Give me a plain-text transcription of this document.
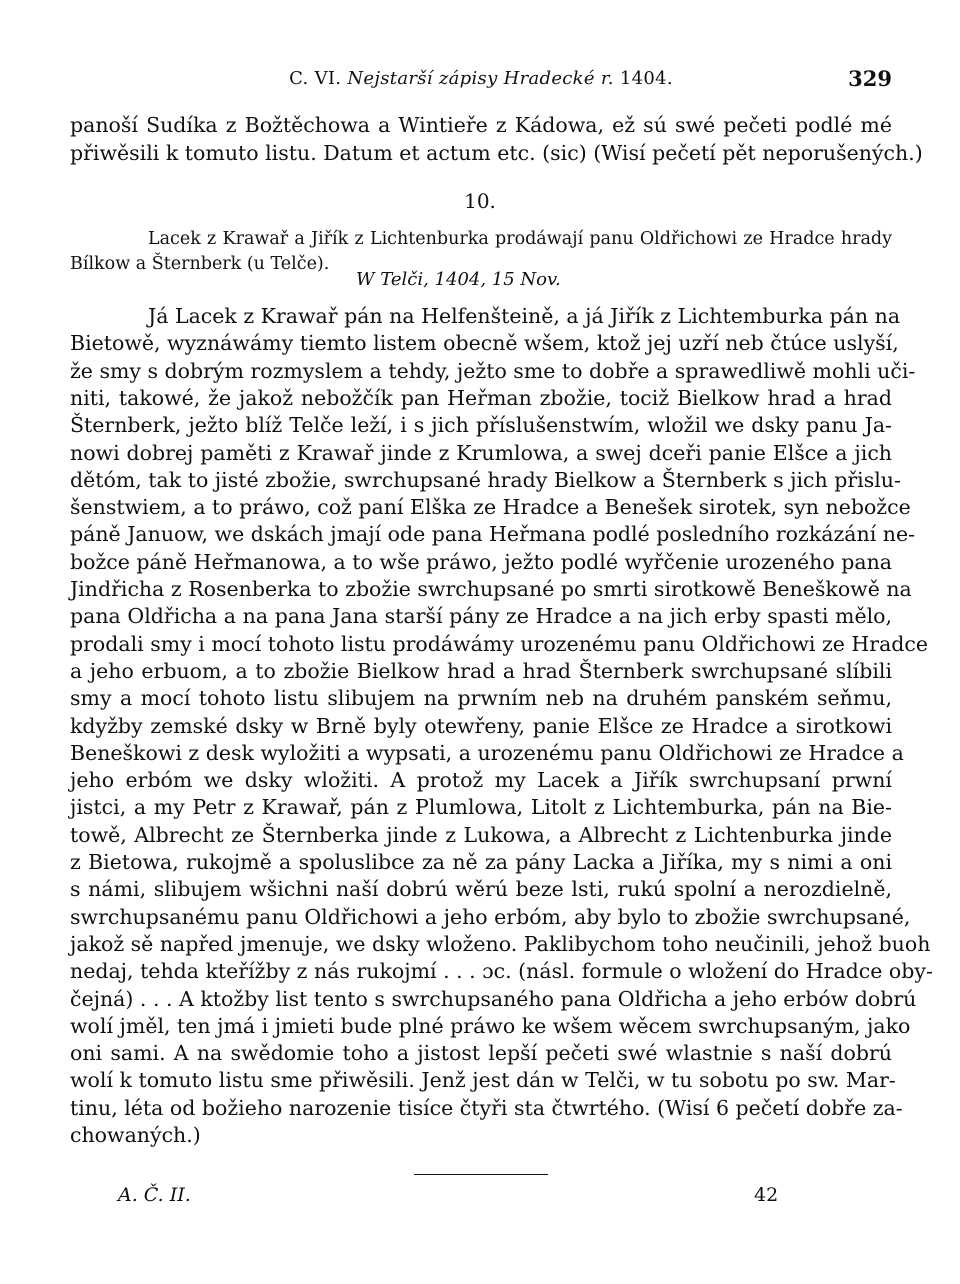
C. VI. Nejstarší zápisy Hradecké r. 1404.	329
panoší Sudíka z Božtěchowa a Wintieře z Kádowa, ež sú swé pečeti podlé mé
přiwěsili k tomuto listu. Datum et actum etc. (sic) (Wisí pečetí pět neporušených.)
10.
Lacek z Krawař a Jiřík z Lichtenburka prodáwají panu Oldřichowi ze Hradce hrady
Bílkow a Šternberk (u Telče).
W Telči, 1404, 15 Nov.
Já Lacek z Krawař pán na Helfenšteině, a já Jiřík z Lichtemburka pán na
Bietowě, wyznáwámy tiemto listem obecně wšem, ktož jej uzří neb čtúce uslyší,
že smy s dobrým rozmyslem a tehdy, ježto sme to dobře a sprawedliwě mohli uči-
niti, takowé, že jakož nebožčík pan Heřman zbožie, tociž Bielkow hrad a hrad
Šternberk, ježto blíž Telče leží, i s jich příslušenstwím, wložil we dsky panu Ja-
nowi dobrej paměti z Krawař jinde z Krumlowa, a swej dceři panie Elšce a jich
dětóm, tak to jisté zbožie, swrchupsané hrady Bielkow a Šternberk s jich přislu-
šenstwiem, a to práwo, což paní Elška ze Hradce a Benešek sirotek, syn nebožce
páně Januow, we dskách jmají ode pana Heřmana podlé posledního rozkázání ne-
božce páně Heřmanowa, a to wše práwo, ježto podlé wyřčenie urozeného pana
Jindřicha z Rosenberka to zbožie swrchupsané po smrti sirotkowě Beneškowě na
pana Oldřicha a na pana Jana starší pány ze Hradce a na jich erby spasti mělo,
prodali smy i mocí tohoto listu prodáwámy urozenému panu Oldřichowi ze Hradce
a jeho erbuom, a to zbožie Bielkow hrad a hrad Šternberk swrchupsané slíbili
smy a mocí tohoto listu slibujem na prwním neb na druhém panském seňmu,
kdyžby zemské dsky w Brně byly otewřeny, panie Elšce ze Hradce a sirotkowi
Beneškowi z desk wyložiti a wypsati, a urozenému panu Oldřichowi ze Hradce a
jeho erbóm we dsky wložiti. A protož my Lacek a Jiřík swrchupsaní prwní
jistci, a my Petr z Krawař, pán z Plumlowa, Litolt z Lichtemburka, pán na Bie-
towě, Albrecht ze Šternberka jinde z Lukowa, a Albrecht z Lichtenburka jinde
z Bietowa, rukojmě a spoluslibce za ně za pány Lacka a Jiříka, my s nimi a oni
s námi, slibujem wšichni naší dobrú wěrú beze lsti, rukú spolní a nerozdielně,
swrchupsanému panu Oldřichowi a jeho erbóm, aby bylo to zbožie swrchupsané,
jakož sě napřed jmenuje, we dsky wloženo. Paklibychom toho neučinili, jehož buoh
nedaj, tehda kteřížby z nás rukojmí . . . ɔc. (násl. formule o wložení do Hradce oby-
čejná) . . . A ktožby list tento s swrchupsaného pana Oldřicha a jeho erbów dobrú
wolí jměl, ten jmá i jmieti bude plné práwo ke wšem wěcem swrchupsaným, jako
oni sami. A na swědomie toho a jistost lepší pečeti swé wlastnie s naší dobrú
wolí k tomuto listu sme přiwěsili. Jenž jest dán w Telči, w tu sobotu po sw. Mar-
tinu, léta od božieho narozenie tisíce čtyři sta čtwrtého. (Wisí 6 pečetí dobře za-
chowaných.)
A. Č. II.	42
